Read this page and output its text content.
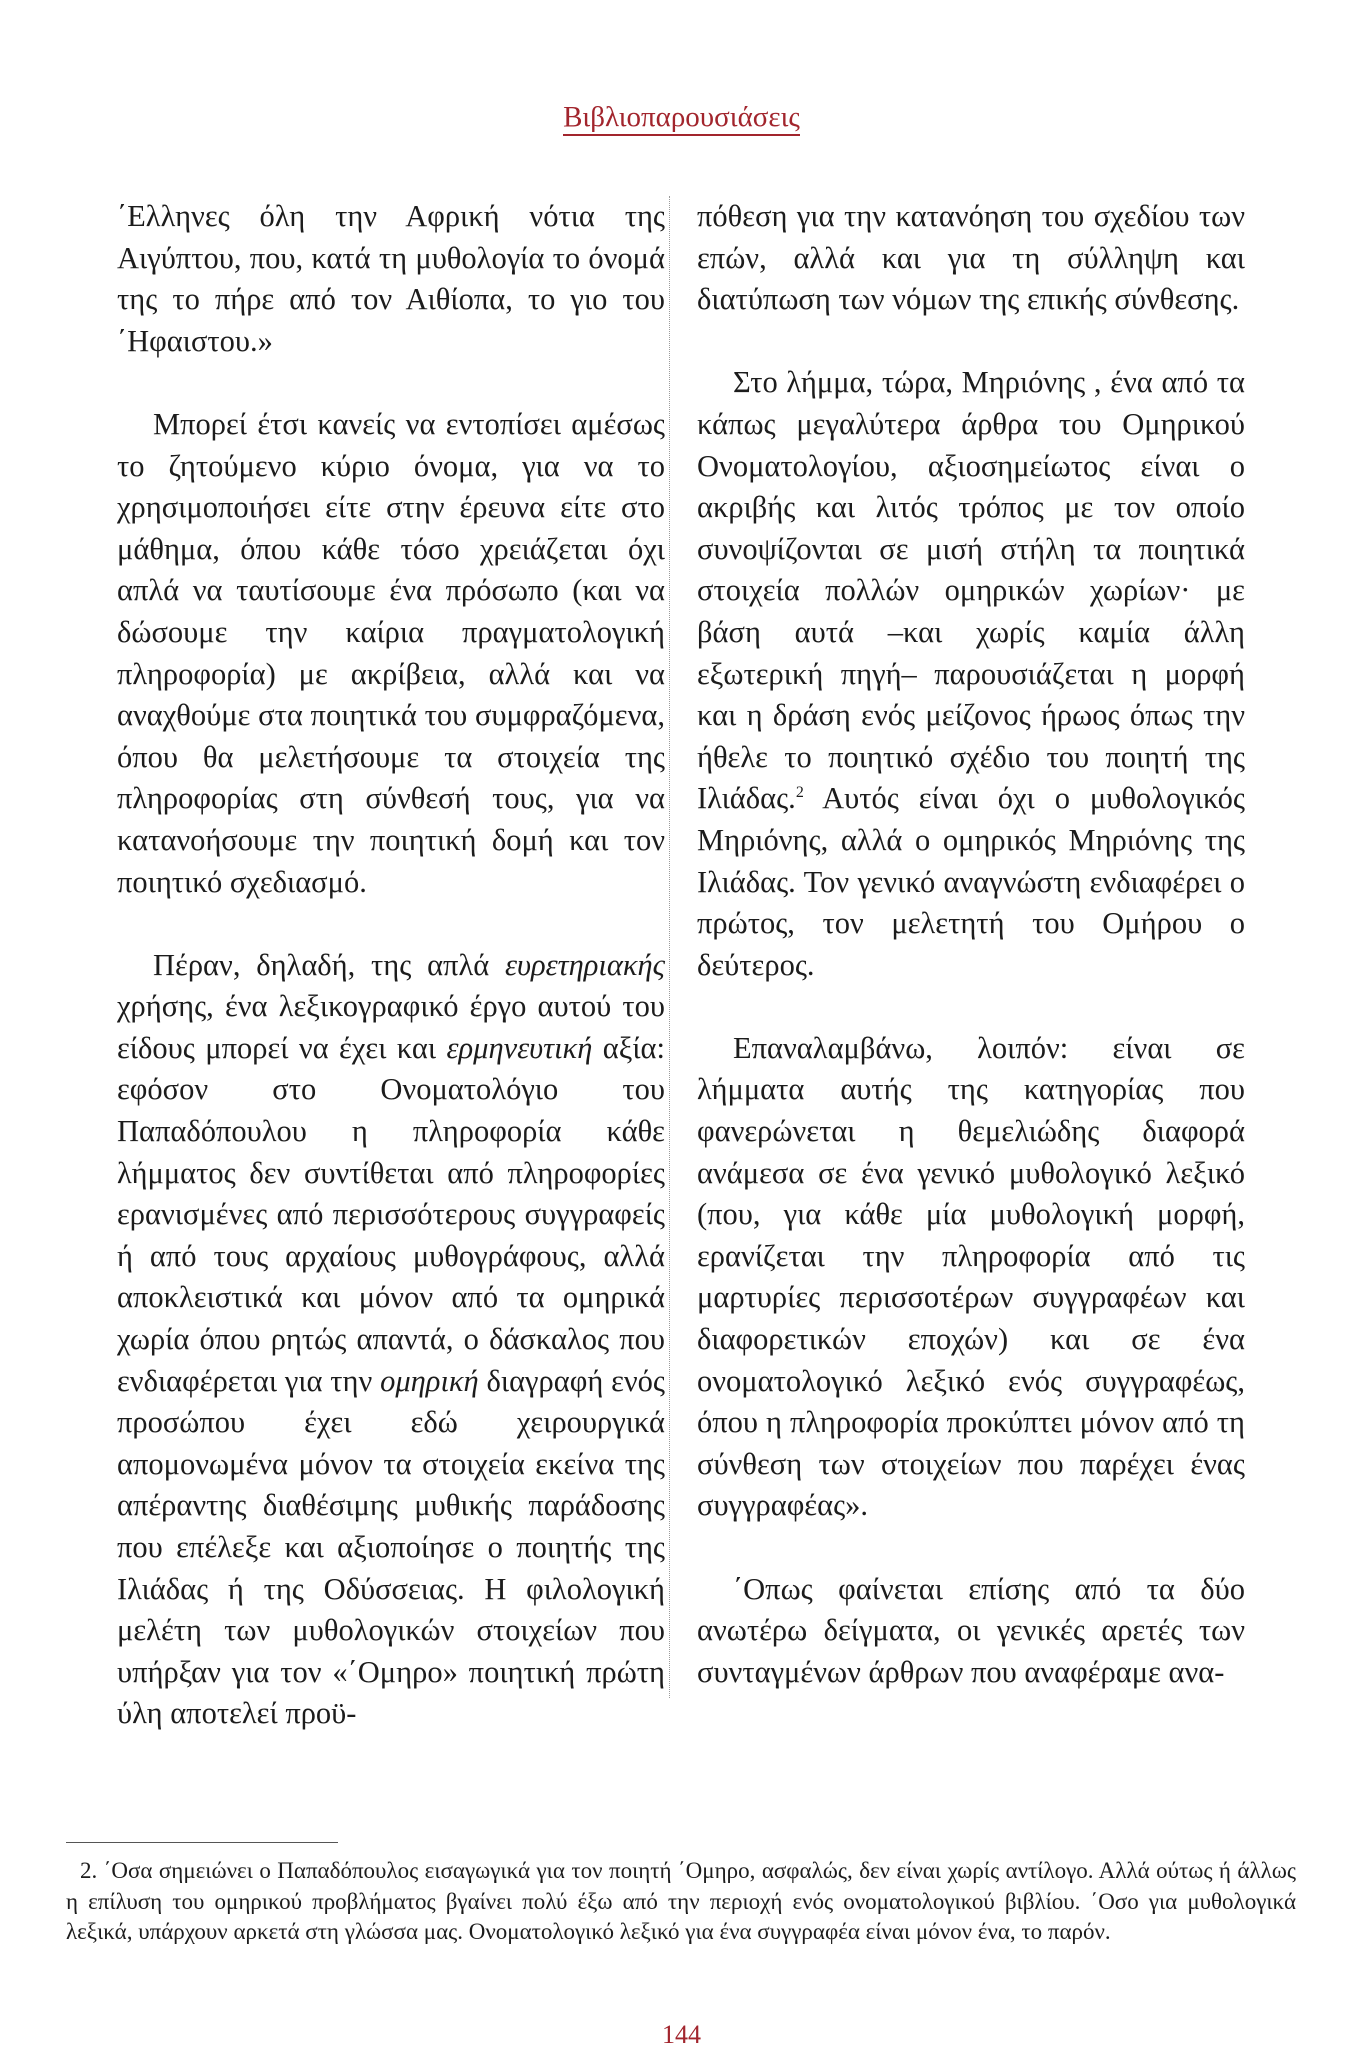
Βιβλιοπαρουσιάσεις

΄Ελληνες όλη την Αφρική νότια της Αιγύπτου, που, κατά τη μυθολογία το όνομά της το πήρε από τον Αιθίοπα, το γιο του ΄Ηφαιστου.»

Μπορεί έτσι κανείς να εντοπίσει αμέσως το ζητούμενο κύριο όνομα, για να το χρησιμοποιήσει είτε στην έρευνα είτε στο μάθημα, όπου κάθε τόσο χρειάζεται όχι απλά να ταυτίσουμε ένα πρόσωπο (και να δώσουμε την καίρια πραγματολογική πληροφορία) με ακρίβεια, αλλά και να αναχθούμε στα ποιητικά του συμφραζόμενα, όπου θα μελετήσουμε τα στοιχεία της πληροφορίας στη σύνθεσή τους, για να κατανοήσουμε την ποιητική δομή και τον ποιητικό σχεδιασμό.

Πέραν, δηλαδή, της απλά ευρετηριακής χρήσης, ένα λεξικογραφικό έργο αυτού του είδους μπορεί να έχει και ερμηνευτική αξία: εφόσον στο Ονοματολόγιο του Παπαδόπουλου η πληροφορία κάθε λήμματος δεν συντίθεται από πληροφορίες ερανισμένες από περισσότερους συγγραφείς ή από τους αρχαίους μυθογράφους, αλλά αποκλειστικά και μόνον από τα ομηρικά χωρία όπου ρητώς απαντά, ο δάσκαλος που ενδιαφέρεται για την ομηρική διαγραφή ενός προσώπου έχει εδώ χειρουργικά απομονωμένα μόνον τα στοιχεία εκείνα της απέραντης διαθέσιμης μυθικής παράδοσης που επέλεξε και αξιοποίησε ο ποιητής της Ιλιάδας ή της Οδύσσειας. Η φιλολογική μελέτη των μυθολογικών στοιχείων που υπήρξαν για τον «΄Ομηρο» ποιητική πρώτη ύλη αποτελεί προϋ-

πόθεση για την κατανόηση του σχεδίου των επών, αλλά και για τη σύλληψη και διατύπωση των νόμων της επικής σύνθεσης.

Στο λήμμα, τώρα, Μηριόνης , ένα από τα κάπως μεγαλύτερα άρθρα του Ομηρικού Ονοματολογίου, αξιοσημείωτος είναι ο ακριβής και λιτός τρόπος με τον οποίο συνοψίζονται σε μισή στήλη τα ποιητικά στοιχεία πολλών ομηρικών χωρίων· με βάση αυτά –και χωρίς καμία άλλη εξωτερική πηγή– παρουσιάζεται η μορφή και η δράση ενός μείζονος ήρωος όπως την ήθελε το ποιητικό σχέδιο του ποιητή της Ιλιάδας.$^2$ Αυτός είναι όχι ο μυθολογικός Μηριόνης, αλλά ο ομηρικός Μηριόνης της Ιλιάδας. Τον γενικό αναγνώστη ενδιαφέρει ο πρώτος, τον μελετητή του Ομήρου ο δεύτερος.

Επαναλαμβάνω, λοιπόν: είναι σε λήμματα αυτής της κατηγορίας που φανερώνεται η θεμελιώδης διαφορά ανάμεσα σε ένα γενικό μυθολογικό λεξικό (που, για κάθε μία μυθολογική μορφή, ερανίζεται την πληροφορία από τις μαρτυρίες περισσοτέρων συγγραφέων και διαφορετικών εποχών) και σε ένα ονοματολογικό λεξικό ενός συγγραφέως, όπου η πληροφορία προκύπτει μόνον από τη σύνθεση των στοιχείων που παρέχει ένας συγγραφέας».

΄Οπως φαίνεται επίσης από τα δύο ανωτέρω δείγματα, οι γενικές αρετές των συνταγμένων άρθρων που αναφέραμε ανα-

2. ΄Οσα σημειώνει ο Παπαδόπουλος εισαγωγικά για τον ποιητή ΄Ομηρο, ασφαλώς, δεν είναι χωρίς αντίλογο. Αλλά ούτως ή άλλως η επίλυση του ομηρικού προβλήματος βγαίνει πολύ έξω από την περιοχή ενός ονοματολογικού βιβλίου. ΄Οσο για μυθολογικά λεξικά, υπάρχουν αρκετά στη γλώσσα μας. Ονοματολογικό λεξικό για ένα συγγραφέα είναι μόνον ένα, το παρόν.
144
